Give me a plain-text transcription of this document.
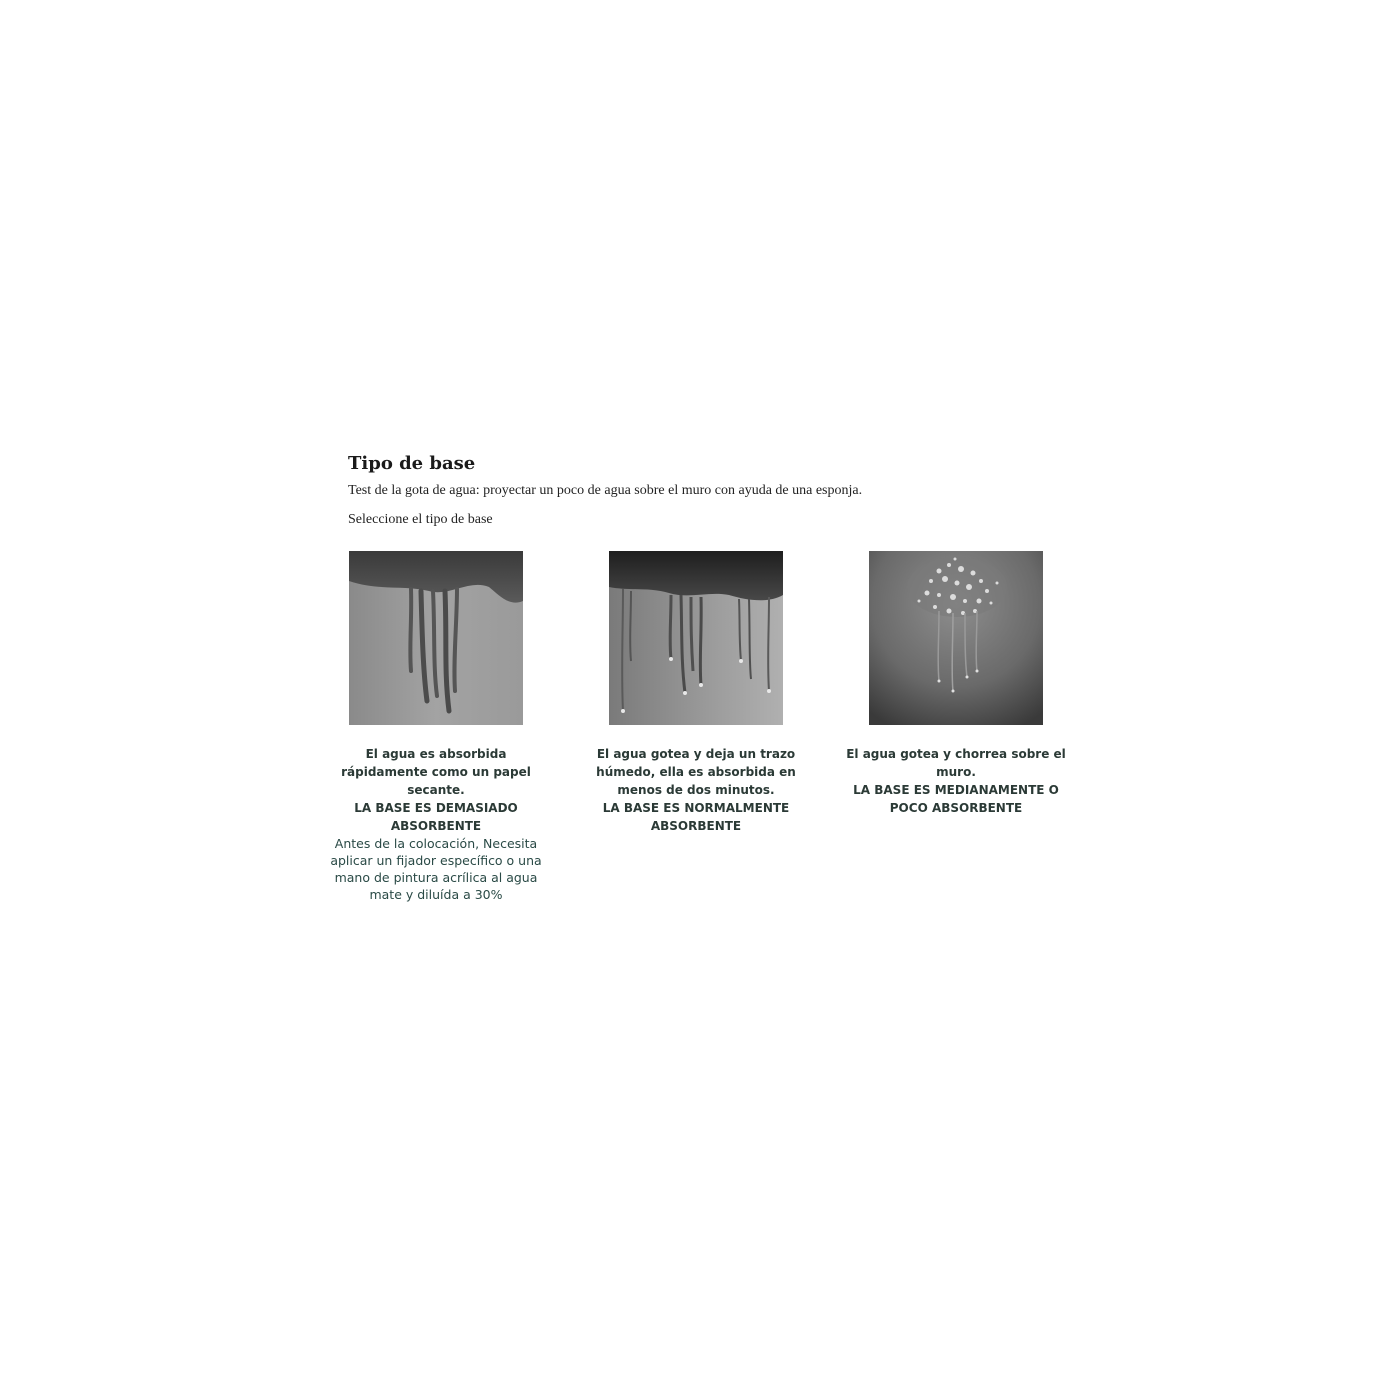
Tipo de base

Test de la gota de agua: proyectar un poco de agua sobre el muro con ayuda de una esponja.

Seleccione el tipo de base

El agua es absorbida rápidamente como un papel secante.
LA BASE ES DEMASIADO ABSORBENTE
Antes de la colocación, Necesita aplicar un fijador específico o una mano de pintura acrílica al agua mate y diluída a 30%
El agua gotea y deja un trazo húmedo, ella es absorbida en menos de dos minutos.
LA BASE ES NORMALMENTE ABSORBENTE
El agua gotea y chorrea sobre el muro.
LA BASE ES MEDIANAMENTE O POCO ABSORBENTE
